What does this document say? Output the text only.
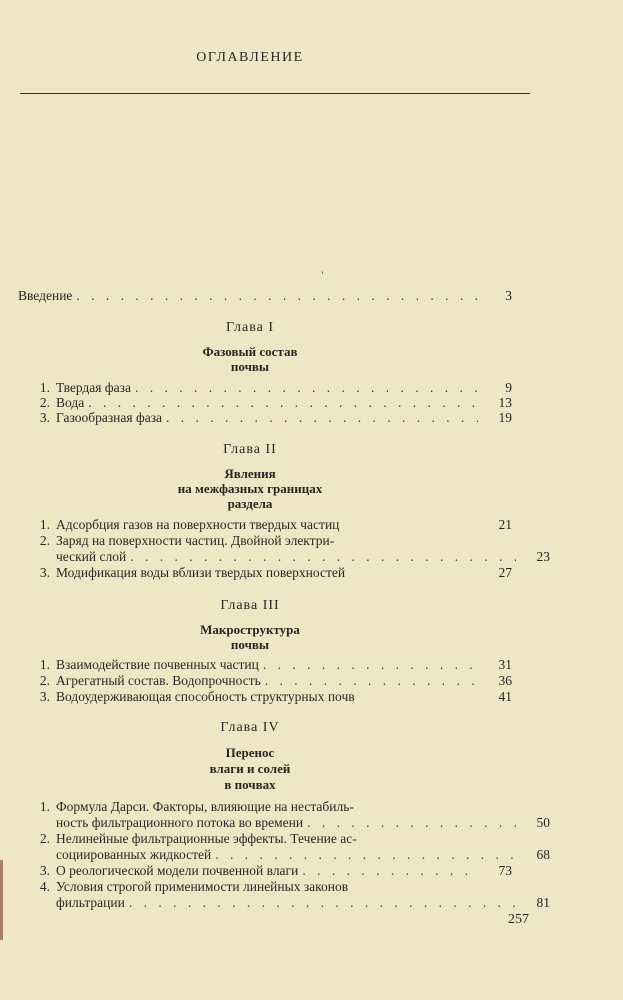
ОГЛАВЛЕНИЕ
ʹ
Введение . . .	3
Глава I
Фазовый состав
почвы
1. Твердая фаза . . .	9
2. Вода . . .	13
3. Газообразная фаза . . .	19
Глава II
Явления
на межфазных границах
раздела
1. Адсорбция газов на поверхности твердых частиц	21
2. Заряд на поверхности частиц. Двойной электри-
ческий слой . . .	23
3. Модификация воды вблизи твердых поверхностей	27
Глава III
Макроструктура
почвы
1. Взаимодействие почвенных частиц . . .	31
2. Агрегатный состав. Водопрочность . . .	36
3. Водоудерживающая способность структурных почв	41
Глава IV
Перенос
влаги и солей
в почвах
1. Формула Дарси. Факторы, влияющие на нестабиль-
ность фильтрационного потока во времени . . .	50
2. Нелинейные фильтрационные эффекты. Течение ас-
социированных жидкостей . . .	68
3. О реологической модели почвенной влаги . . .	73
4. Условия строгой применимости линейных законов
фильтрации . . .	81
257
